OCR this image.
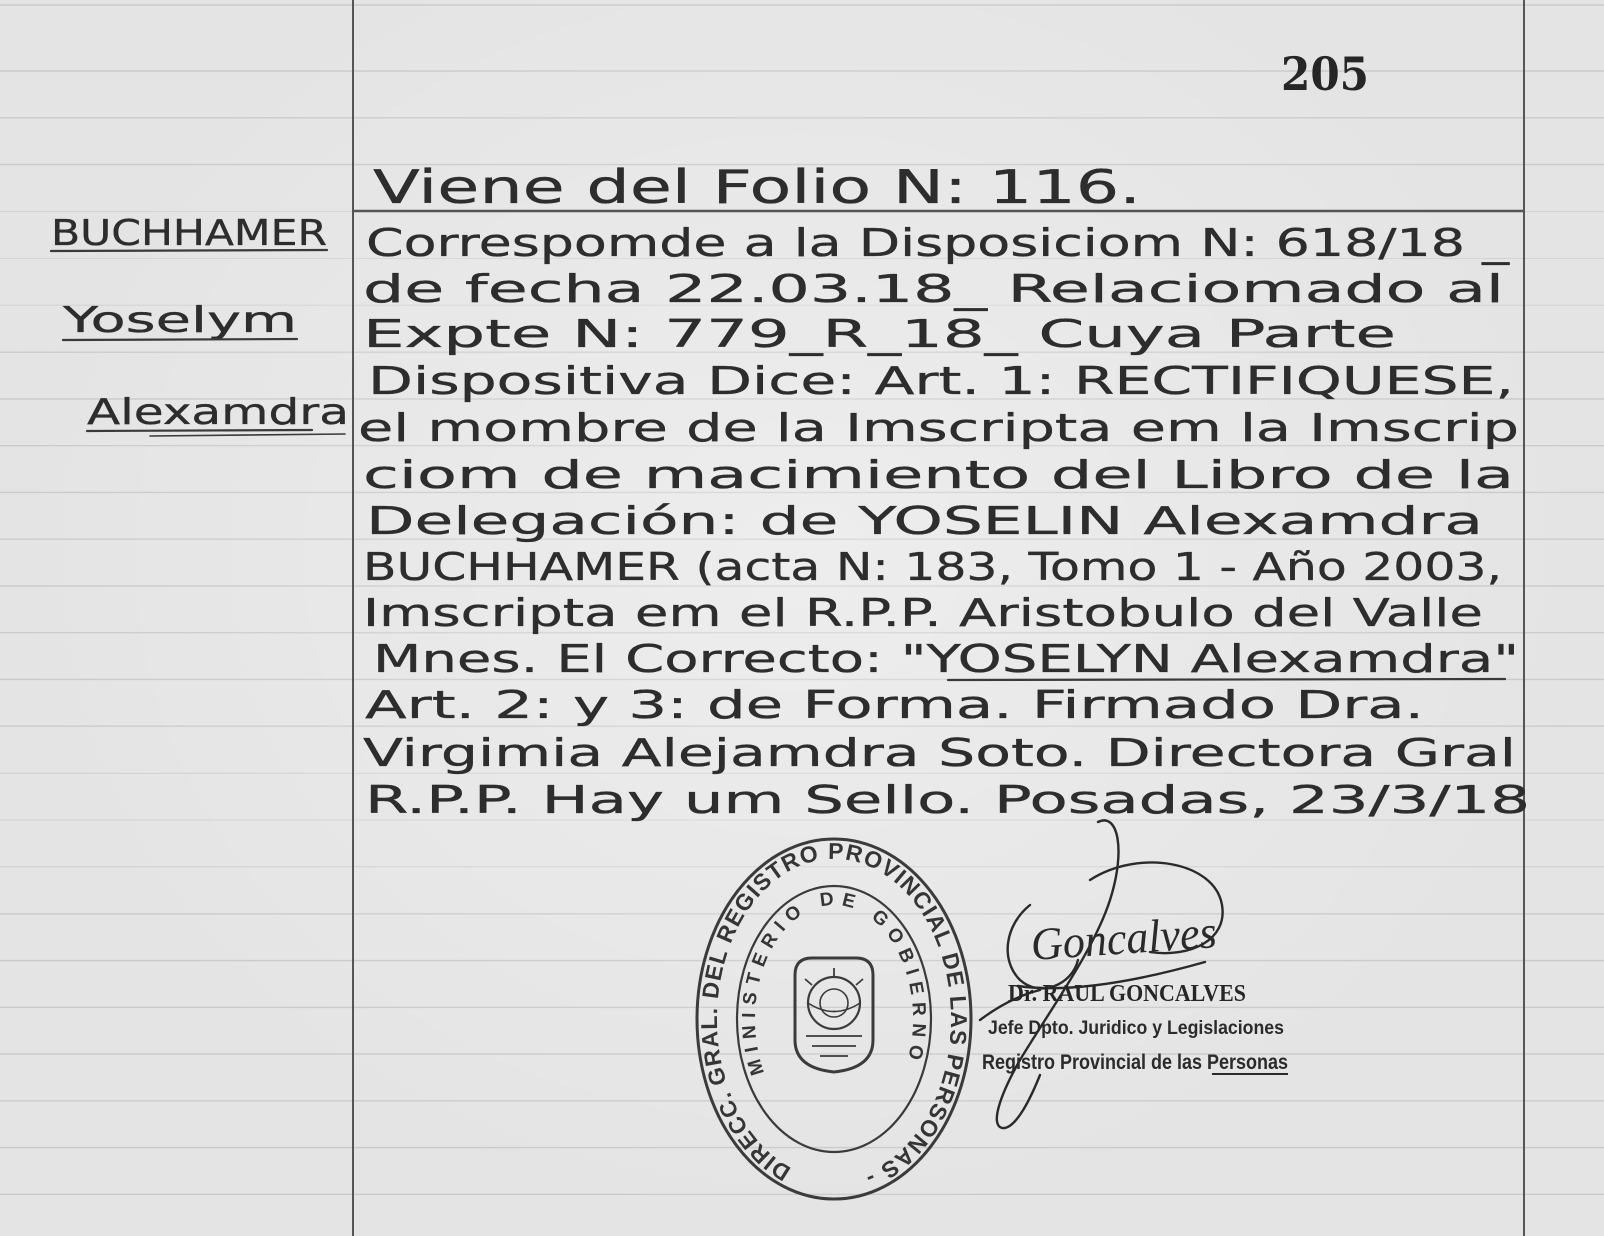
205
Viene del Folio N: 116.
BUCHHAMER
Yoselym
Alexamdra
Correspomde a la Disposiciom N: 618/18 _
de fecha 22.03.18_ Relaciomado al
Expte N: 779_R_18_ Cuya Parte
Dispositiva Dice: Art. 1: RECTIFIQUESE,
el mombre de la Imscripta em la Imscrip
ciom de macimiento del Libro de la
Delegación: de YOSELIN Alexamdra
BUCHHAMER (acta N: 183, Tomo 1 - Año 2003,
Imscripta em el R.P.P. Aristobulo del Valle
Mnes. El Correcto: "YOSELYN Alexamdra"
Art. 2: y 3: de Forma. Firmado Dra.
Virgimia Alejamdra Soto. Directora Gral
R.P.P. Hay um Sello. Posadas, 23/3/18
DIRECC. GRAL. DEL REGISTRO PROVINCIAL DE LAS PERSONAS -
MINISTERIO DE GOBIERNO
Goncalves
Dr. RAUL GONCALVES
Jefe Dpto. Juridico y Legislaciones
Registro Provincial de las Personas
